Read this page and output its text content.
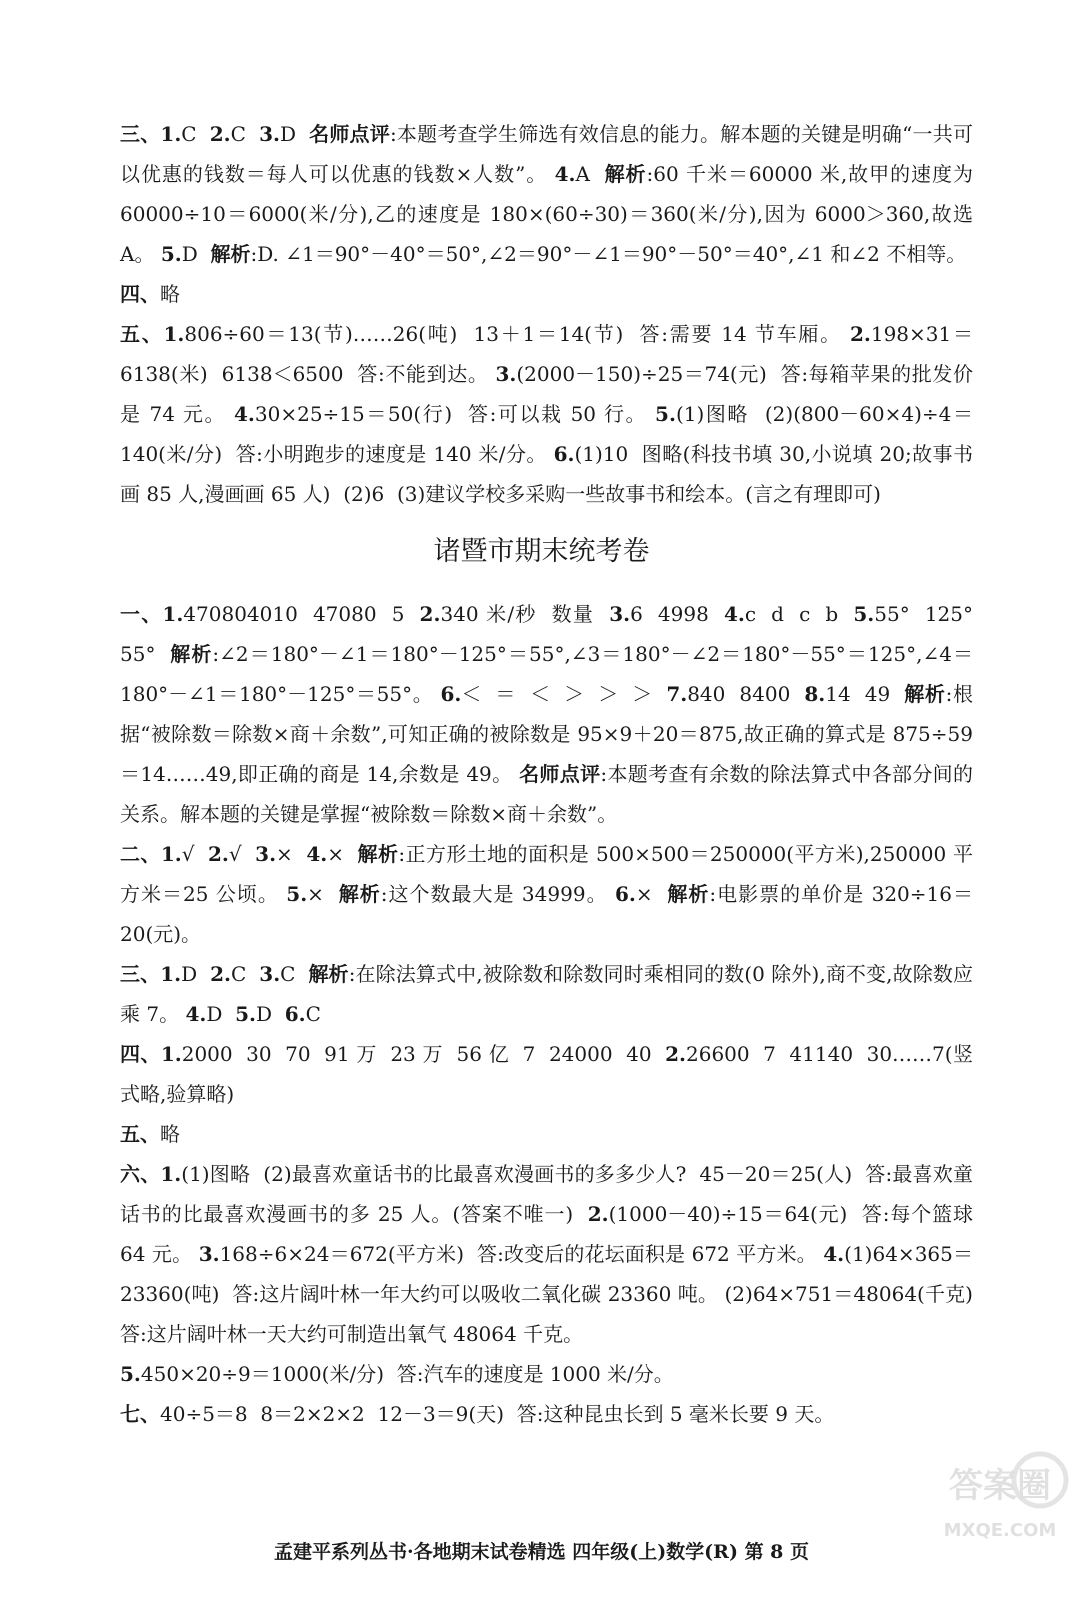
三、1.C  2.C  3.D  名师点评:本题考查学生筛选有效信息的能力。解本题的关键是明确“一共可以优惠的钱数＝每人可以优惠的钱数×人数”。 4.A  解析:60 千米＝60000 米,故甲的速度为 60000÷10＝6000(米/分),乙的速度是 180×(60÷30)＝360(米/分),因为 6000＞360,故选 A。 5.D  解析:D. ∠1＝90°－40°＝50°,∠2＝90°－∠1＝90°－50°＝40°,∠1 和∠2 不相等。
四、略
五、1.806÷60＝13(节)……26(吨)  13＋1＝14(节)  答:需要 14 节车厢。 2.198×31＝6138(米)  6138＜6500  答:不能到达。 3.(2000－150)÷25＝74(元)  答:每箱苹果的批发价是 74 元。 4.30×25÷15＝50(行)  答:可以栽 50 行。 5.(1)图略  (2)(800－60×4)÷4＝140(米/分)  答:小明跑步的速度是 140 米/分。 6.(1)10  图略(科技书填 30,小说填 20;故事书画 85 人,漫画画 65 人)  (2)6  (3)建议学校多采购一些故事书和绘本。(言之有理即可)
诸暨市期末统考卷
一、1.470804010  47080  5  2.340 米/秒  数量  3.6  4998  4.c  d  c  b  5.55°  125°  55°  解析:∠2＝180°－∠1＝180°－125°＝55°,∠3＝180°－∠2＝180°－55°＝125°,∠4＝180°－∠1＝180°－125°＝55°。 6.＜  ＝  ＜  ＞  ＞  ＞  7.840  8400  8.14  49  解析:根据“被除数＝除数×商＋余数”,可知正确的被除数是 95×9＋20＝875,故正确的算式是 875÷59＝14……49,即正确的商是 14,余数是 49。 名师点评:本题考查有余数的除法算式中各部分间的关系。解本题的关键是掌握“被除数＝除数×商＋余数”。
二、1.√  2.√  3.×  4.×  解析:正方形土地的面积是 500×500＝250000(平方米),250000 平方米＝25 公顷。 5.×  解析:这个数最大是 34999。 6.×  解析:电影票的单价是 320÷16＝20(元)。
三、1.D  2.C  3.C  解析:在除法算式中,被除数和除数同时乘相同的数(0 除外),商不变,故除数应乘 7。 4.D  5.D  6.C
四、1.2000  30  70  91 万  23 万  56 亿  7  24000  40  2.26600  7  41140  30……7(竖式略,验算略)
五、略
六、1.(1)图略  (2)最喜欢童话书的比最喜欢漫画书的多多少人?  45－20＝25(人)  答:最喜欢童话书的比最喜欢漫画书的多 25 人。(答案不唯一)  2.(1000－40)÷15＝64(元)  答:每个篮球 64 元。 3.168÷6×24＝672(平方米)  答:改变后的花坛面积是 672 平方米。 4.(1)64×365＝23360(吨)  答:这片阔叶林一年大约可以吸收二氧化碳 23360 吨。 (2)64×751＝48064(千克)  答:这片阔叶林一天大约可制造出氧气 48064 千克。
5.450×20÷9＝1000(米/分)  答:汽车的速度是 1000 米/分。
七、40÷5＝8  8＝2×2×2  12－3＝9(天)  答:这种昆虫长到 5 毫米长要 9 天。
孟建平系列丛书·各地期末试卷精选 四年级(上)数学(R) 第 8 页
答案圈
MXQE.COM
